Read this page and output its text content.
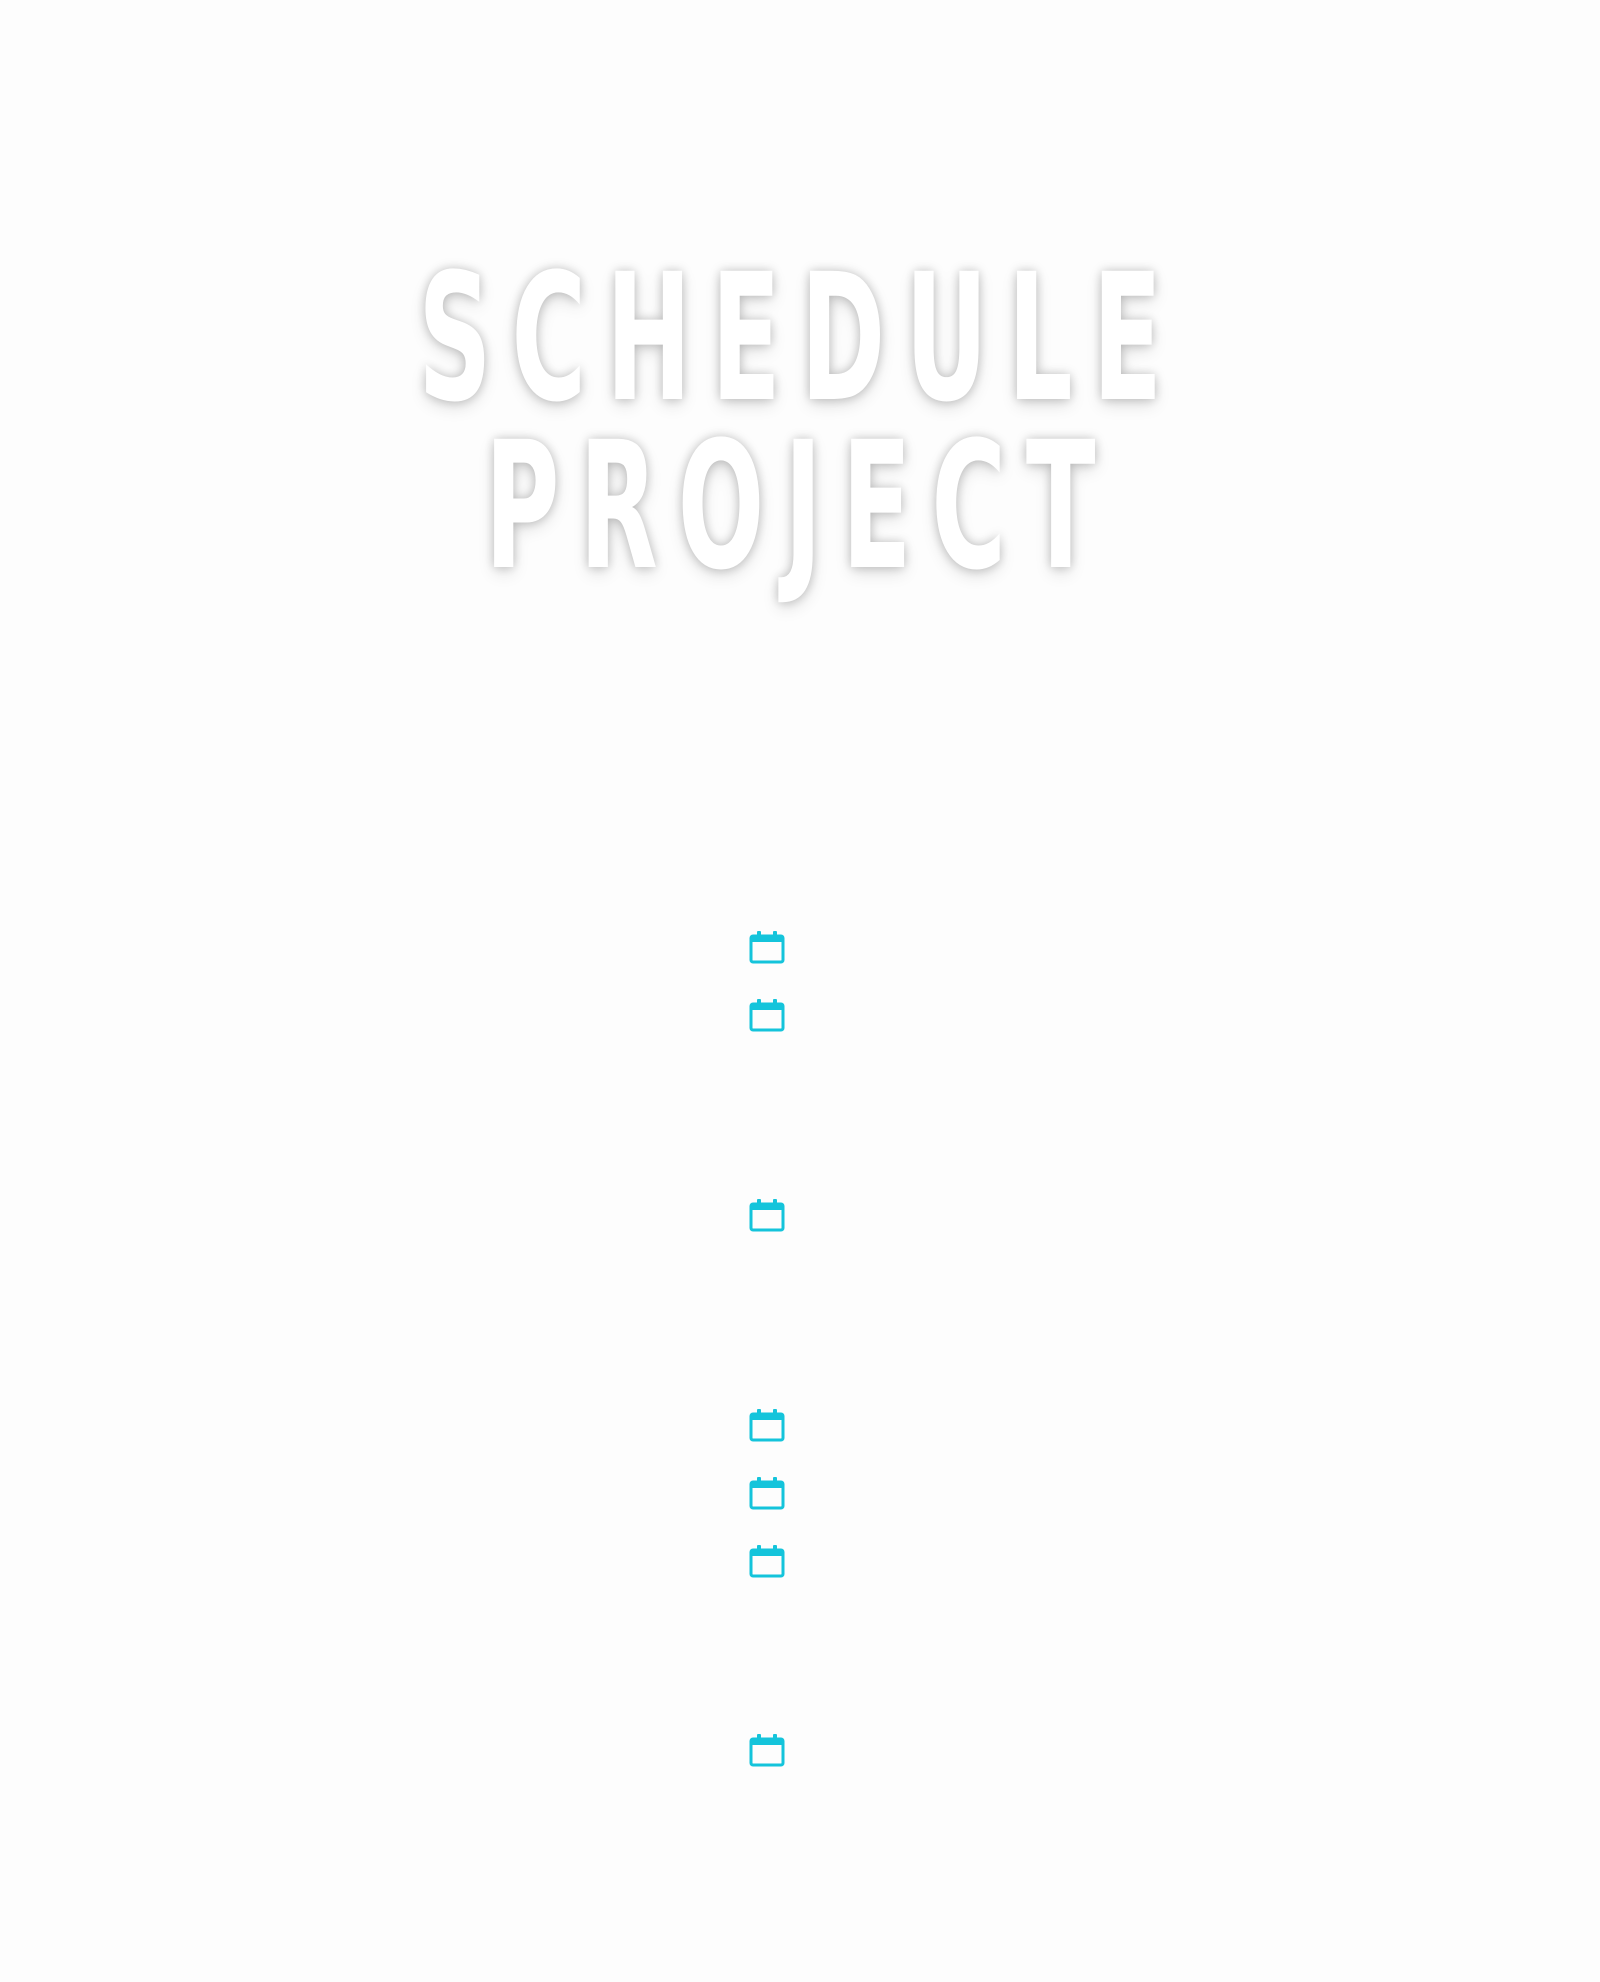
SCHEDULE
PROJECT
